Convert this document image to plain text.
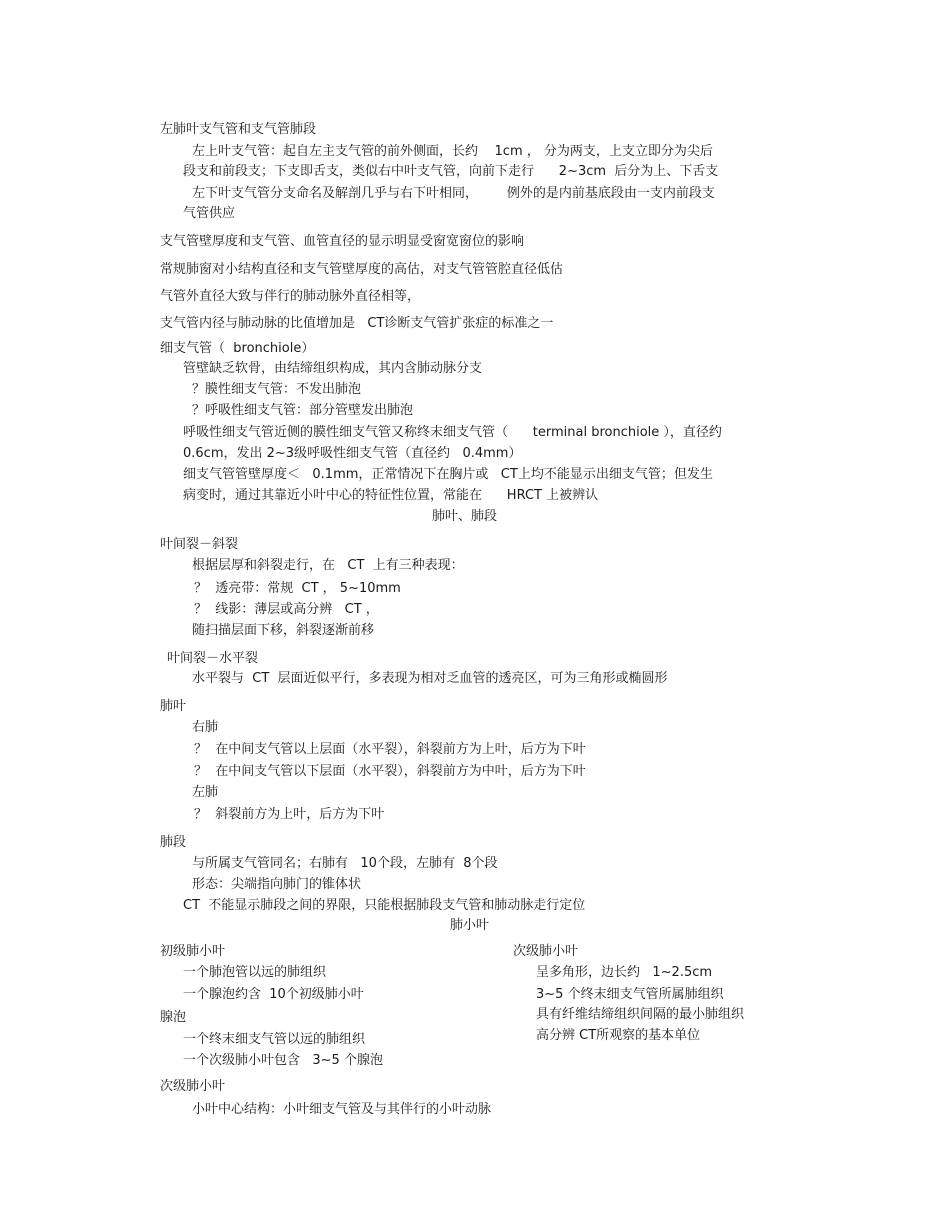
左肺叶支气管和支气管肺段

左上叶支气管：起自左主支气管的前外侧面，长约    1cm ， 分为两支，上支立即分为尖后

段支和前段支；下支即舌支，类似右中叶支气管，向前下走行      2~3cm  后分为上、下舌支

左下叶支气管分支命名及解剖几乎与右下叶相同，       例外的是内前基底段由一支内前段支

气管供应

支气管壁厚度和支气管、血管直径的显示明显受窗宽窗位的影响

常规肺窗对小结构直径和支气管壁厚度的高估，对支气管管腔直径低估

气管外直径大致与伴行的肺动脉外直径相等，

支气管内径与肺动脉的比值增加是   CT诊断支气管扩张症的标准之一

细支气管（  bronchiole）

管壁缺乏软骨，由结缔组织构成，其内含肺动脉分支

？膜性细支气管：不发出肺泡

？呼吸性细支气管：部分管壁发出肺泡

呼吸性细支气管近侧的膜性细支气管又称终末细支气管（      terminal bronchiole ），直径约

0.6cm，发出 2~3级呼吸性细支气管（直径约   0.4mm）

细支气管管壁厚度＜   0.1mm，正常情况下在胸片或   CT上均不能显示出细支气管；但发生

病变时，通过其靠近小叶中心的特征性位置，常能在      HRCT 上被辨认

肺叶、肺段

叶间裂－斜裂

根据层厚和斜裂走行，在   CT  上有三种表现：

？  透亮带：常规  CT ， 5~10mm

？  线影：薄层或高分辨   CT ，

随扫描层面下移，斜裂逐渐前移

叶间裂－水平裂

水平裂与  CT  层面近似平行，多表现为相对乏血管的透亮区，可为三角形或椭圆形

肺叶

右肺

？  在中间支气管以上层面（水平裂），斜裂前方为上叶，后方为下叶

？  在中间支气管以下层面（水平裂），斜裂前方为中叶，后方为下叶

左肺

？  斜裂前方为上叶，后方为下叶

肺段

与所属支气管同名；右肺有   10个段，左肺有  8个段

形态：尖端指向肺门的锥体状

CT  不能显示肺段之间的界限，只能根据肺段支气管和肺动脉走行定位

肺小叶

初级肺小叶

一个肺泡管以远的肺组织

一个腺泡约含  10个初级肺小叶

腺泡

一个终末细支气管以远的肺组织

一个次级肺小叶包含   3~5 个腺泡

次级肺小叶

呈多角形，边长约   1~2.5cm

3~5 个终末细支气管所属肺组织

具有纤维结缔组织间隔的最小肺组织

高分辨 CT所观察的基本单位

次级肺小叶

小叶中心结构：小叶细支气管及与其伴行的小叶动脉
